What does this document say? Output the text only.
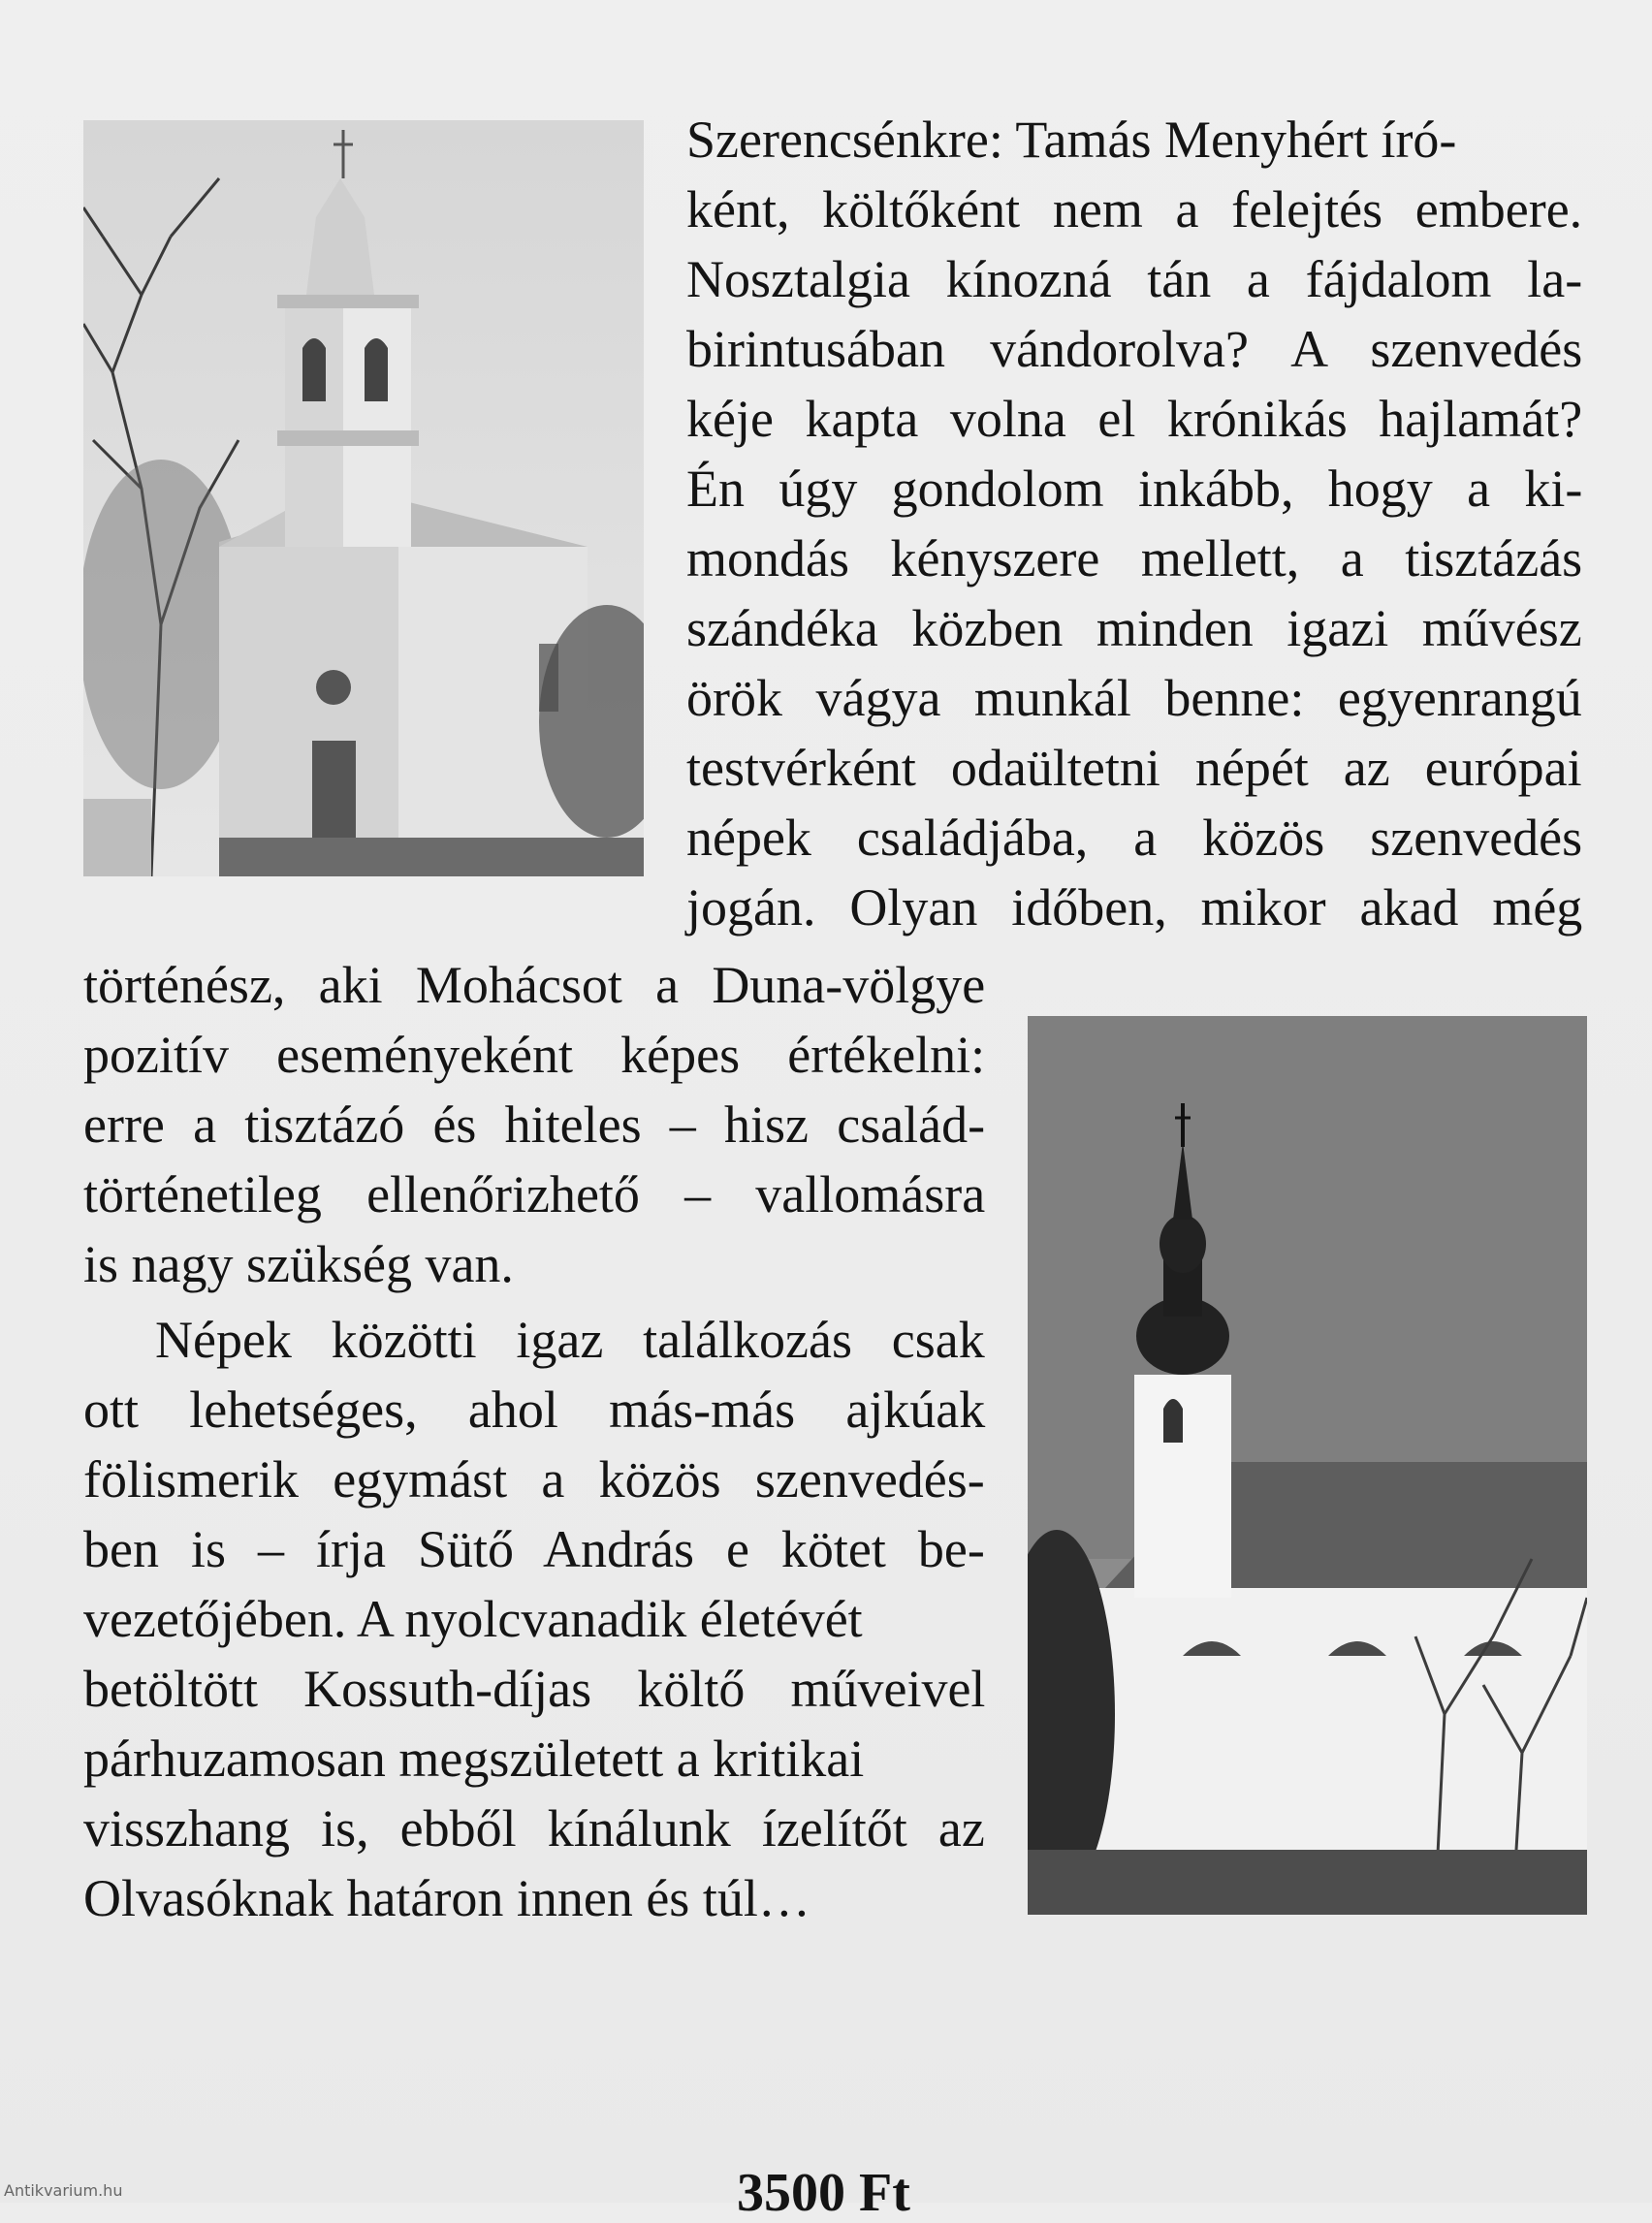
Szerencsénkre: Tamás Menyhért író-
ként, költőként nem a felejtés embere.
Nosztalgia kínozná tán a fájdalom la-
birintusában vándorolva? A szenvedés
kéje kapta volna el krónikás hajlamát?
Én úgy gondolom inkább, hogy a ki-
mondás kényszere mellett, a tisztázás
szándéka közben minden igazi művész
örök vágya munkál benne: egyenrangú
testvérként odaültetni népét az európai
népek családjába, a közös szenvedés
jogán. Olyan időben, mikor akad még
történész, aki Mohácsot a Duna-völgye
pozitív eseményeként képes értékelni:
erre a tisztázó és hiteles – hisz család-
történetileg ellenőrizhető – vallomásra
is nagy szükség van.
Népek közötti igaz találkozás csak
ott lehetséges, ahol más-más ajkúak
fölismerik egymást a közös szenvedés-
ben is – írja Sütő András e kötet be-
vezetőjében. A nyolcvanadik életévét
betöltött Kossuth-díjas költő műveivel
párhuzamosan megszületett a kritikai
visszhang is, ebből kínálunk ízelítőt az
Olvasóknak határon innen és túl…
3500 Ft
Antikvarium.hu
